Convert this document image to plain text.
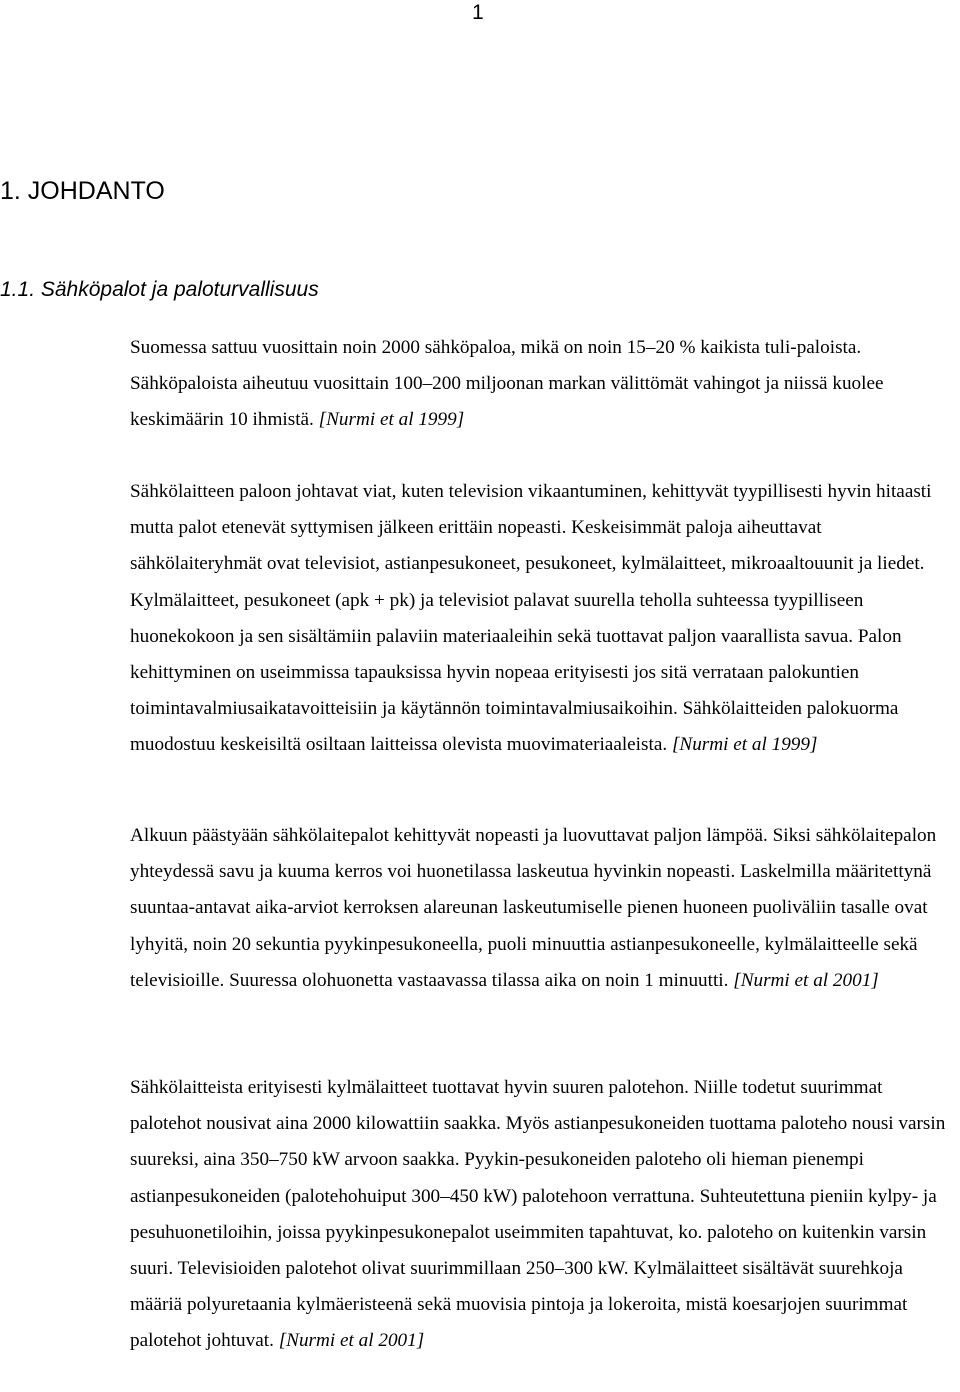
1
1. JOHDANTO
1.1. Sähköpalot ja paloturvallisuus

Suomessa sattuu vuosittain noin 2000 sähköpaloa, mikä on noin 15–20 % kaikista tuli-paloista. Sähköpaloista aiheutuu vuosittain 100–200 miljoonan markan välittömät vahingot ja niissä kuolee keskimäärin 10 ihmistä. [Nurmi et al 1999]

Sähkölaitteen paloon johtavat viat, kuten television vikaantuminen, kehittyvät tyypillisesti hyvin hitaasti mutta palot etenevät syttymisen jälkeen erittäin nopeasti. Keskeisimmät paloja aiheuttavat sähkölaiteryhmät ovat televisiot, astianpesukoneet, pesukoneet, kylmälaitteet, mikroaaltouunit ja liedet. Kylmälaitteet, pesukoneet (apk + pk) ja televisiot palavat suurella teholla suhteessa tyypilliseen huonekokoon ja sen sisältämiin palaviin materiaaleihin sekä tuottavat paljon vaarallista savua. Palon kehittyminen on useimmissa tapauksissa hyvin nopeaa erityisesti jos sitä verrataan palokuntien toimintavalmiusaikatavoitteisiin ja käytännön toimintavalmiusaikoihin. Sähkölaitteiden palokuorma muodostuu keskeisiltä osiltaan laitteissa olevista muovimateriaaleista. [Nurmi et al 1999]

Alkuun päästyään sähkölaitepalot kehittyvät nopeasti ja luovuttavat paljon lämpöä. Siksi sähkölaitepalon yhteydessä savu ja kuuma kerros voi huonetilassa laskeutua hyvinkin nopeasti. Laskelmilla määritettynä suuntaa-antavat aika-arviot kerroksen alareunan laskeutumiselle pienen huoneen puoliväliin tasalle ovat lyhyitä, noin 20 sekuntia pyykinpesukoneella, puoli minuuttia astianpesukoneelle, kylmälaitteelle sekä televisioille. Suuressa olohuonetta vastaavassa tilassa aika on noin 1 minuutti. [Nurmi et al 2001]

Sähkölaitteista erityisesti kylmälaitteet tuottavat hyvin suuren palotehon. Niille todetut suurimmat palotehot nousivat aina 2000 kilowattiin saakka. Myös astianpesukoneiden tuottama paloteho nousi varsin suureksi, aina 350–750 kW arvoon saakka. Pyykin-pesukoneiden paloteho oli hieman pienempi astianpesukoneiden (palotehohuiput 300–450 kW) palotehoon verrattuna. Suhteutettuna pieniin kylpy- ja pesuhuonetiloihin, joissa pyykinpesukonepalot useimmiten tapahtuvat, ko. paloteho on kuitenkin varsin suuri. Televisioiden palotehot olivat suurimmillaan 250–300 kW. Kylmälaitteet sisältävät suurehkoja määriä polyuretaania kylmäeristeenä sekä muovisia pintoja ja lokeroita, mistä koesarjojen suurimmat palotehot johtuvat. [Nurmi et al 2001]
